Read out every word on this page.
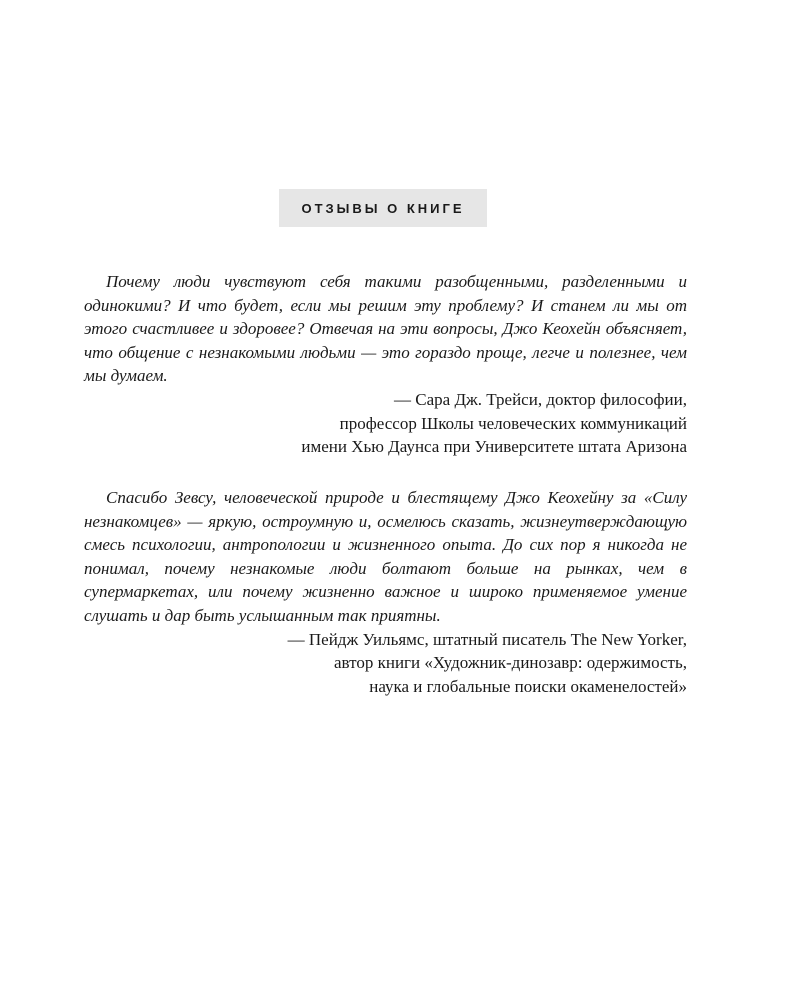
ОТЗЫВЫ О КНИГЕ

Почему люди чувствуют себя такими разобщенными, разделенными и одинокими? И что будет, если мы решим эту проблему? И станем ли мы от этого счастливее и здоровее? Отвечая на эти вопросы, Джо Кеохейн объясняет, что общение с незнакомыми людьми — это гораздо проще, легче и полезнее, чем мы думаем.

— Сара Дж. Трейси, доктор философии,
профессор Школы человеческих коммуникаций
имени Хью Даунса при Университете штата Аризона

Спасибо Зевсу, человеческой природе и блестящему Джо Кеохейну за «Силу незнакомцев» — яркую, остроумную и, осмелюсь сказать, жизнеутверждающую смесь психологии, антропологии и жизненного опыта. До сих пор я никогда не понимал, почему незнакомые люди болтают больше на рынках, чем в супермаркетах, или почему жизненно важное и широко применяемое умение слушать и дар быть услышанным так приятны.

— Пейдж Уильямс, штатный писатель The New Yorker,
автор книги «Художник-динозавр: одержимость,
наука и глобальные поиски окаменелостей»
